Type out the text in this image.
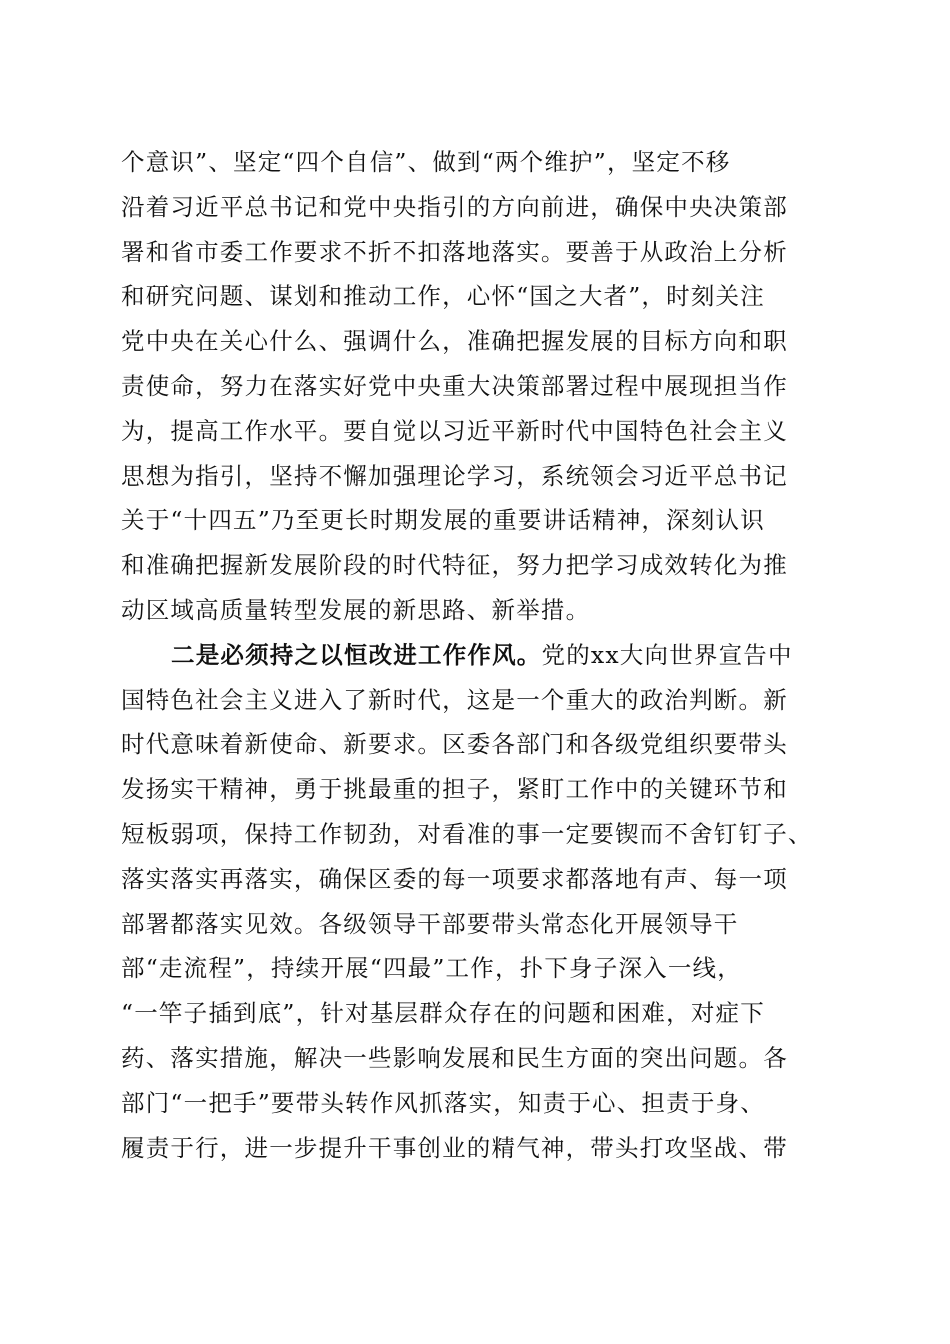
个意识”、坚定“四个自信”、做到“两个维护”，坚定不移
沿着习近平总书记和党中央指引的方向前进，确保中央决策部
署和省市委工作要求不折不扣落地落实。要善于从政治上分析
和研究问题、谋划和推动工作，心怀“国之大者”，时刻关注
党中央在关心什么、强调什么，准确把握发展的目标方向和职
责使命，努力在落实好党中央重大决策部署过程中展现担当作
为，提高工作水平。要自觉以习近平新时代中国特色社会主义
思想为指引，坚持不懈加强理论学习，系统领会习近平总书记
关于“十四五”乃至更长时期发展的重要讲话精神，深刻认识
和准确把握新发展阶段的时代特征，努力把学习成效转化为推
动区域高质量转型发展的新思路、新举措。
二是必须持之以恒改进工作作风。党的xx大向世界宣告中
国特色社会主义进入了新时代，这是一个重大的政治判断。新
时代意味着新使命、新要求。区委各部门和各级党组织要带头
发扬实干精神，勇于挑最重的担子，紧盯工作中的关键环节和
短板弱项，保持工作韧劲，对看准的事一定要锲而不舍钉钉子、
落实落实再落实，确保区委的每一项要求都落地有声、每一项
部署都落实见效。各级领导干部要带头常态化开展领导干
部“走流程”，持续开展“四最”工作，扑下身子深入一线，
“一竿子插到底”，针对基层群众存在的问题和困难，对症下
药、落实措施，解决一些影响发展和民生方面的突出问题。各
部门“一把手”要带头转作风抓落实，知责于心、担责于身、
履责于行，进一步提升干事创业的精气神，带头打攻坚战、带
